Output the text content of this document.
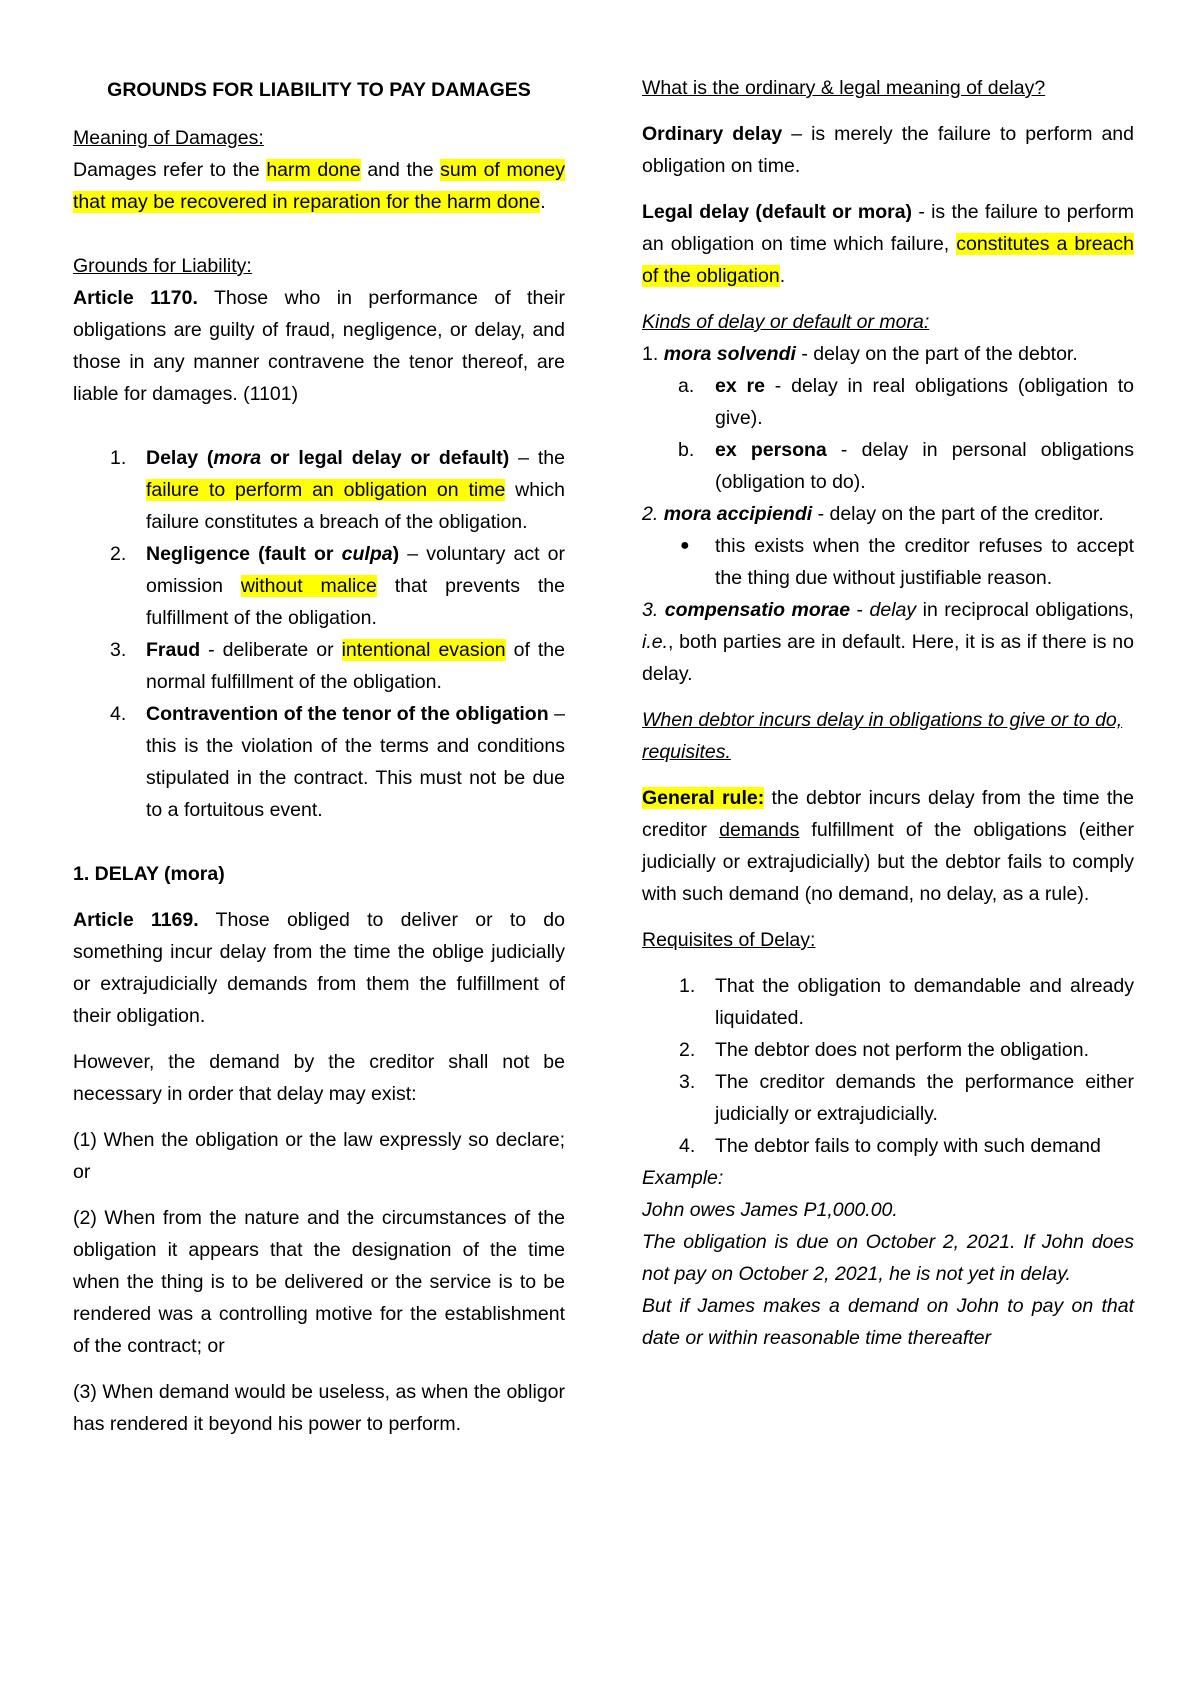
GROUNDS FOR LIABILITY TO PAY DAMAGES

Meaning of Damages:

Damages refer to the harm done and the sum of money that may be recovered in reparation for the harm done.

Grounds for Liability:

Article 1170. Those who in performance of their obligations are guilty of fraud, negligence, or delay, and those in any manner contravene the tenor thereof, are liable for damages. (1101)

1. Delay (mora or legal delay or default) – the failure to perform an obligation on time which failure constitutes a breach of the obligation.
2. Negligence (fault or culpa) – voluntary act or omission without malice that prevents the fulfillment of the obligation.
3. Fraud - deliberate or intentional evasion of the normal fulfillment of the obligation.
4. Contravention of the tenor of the obligation – this is the violation of the terms and conditions stipulated in the contract. This must not be due to a fortuitous event.

1. DELAY (mora)

Article 1169. Those obliged to deliver or to do something incur delay from the time the oblige judicially or extrajudicially demands from them the fulfillment of their obligation.

However, the demand by the creditor shall not be necessary in order that delay may exist:

(1) When the obligation or the law expressly so declare; or

(2) When from the nature and the circumstances of the obligation it appears that the designation of the time when the thing is to be delivered or the service is to be rendered was a controlling motive for the establishment of the contract; or

(3) When demand would be useless, as when the obligor has rendered it beyond his power to perform.

What is the ordinary & legal meaning of delay?

Ordinary delay – is merely the failure to perform and obligation on time.

Legal delay (default or mora) - is the failure to perform an obligation on time which failure, constitutes a breach of the obligation.

Kinds of delay or default or mora:

1. mora solvendi - delay on the part of the debtor.

a. ex re - delay in real obligations (obligation to give).
b. ex persona - delay in personal obligations (obligation to do).

2. mora accipiendi - delay on the part of the creditor.

● this exists when the creditor refuses to accept the thing due without justifiable reason.

3. compensatio morae - delay in reciprocal obligations, i.e., both parties are in default. Here, it is as if there is no delay.

When debtor incurs delay in obligations to give or to do, requisites.

General rule: the debtor incurs delay from the time the creditor demands fulfillment of the obligations (either judicially or extrajudicially) but the debtor fails to comply with such demand (no demand, no delay, as a rule).

Requisites of Delay:

1. That the obligation to demandable and already liquidated.
2. The debtor does not perform the obligation.
3. The creditor demands the performance either judicially or extrajudicially.
4. The debtor fails to comply with such demand

Example:

John owes James P1,000.00.

The obligation is due on October 2, 2021. If John does not pay on October 2, 2021, he is not yet in delay.

But if James makes a demand on John to pay on that date or within reasonable time thereafter
